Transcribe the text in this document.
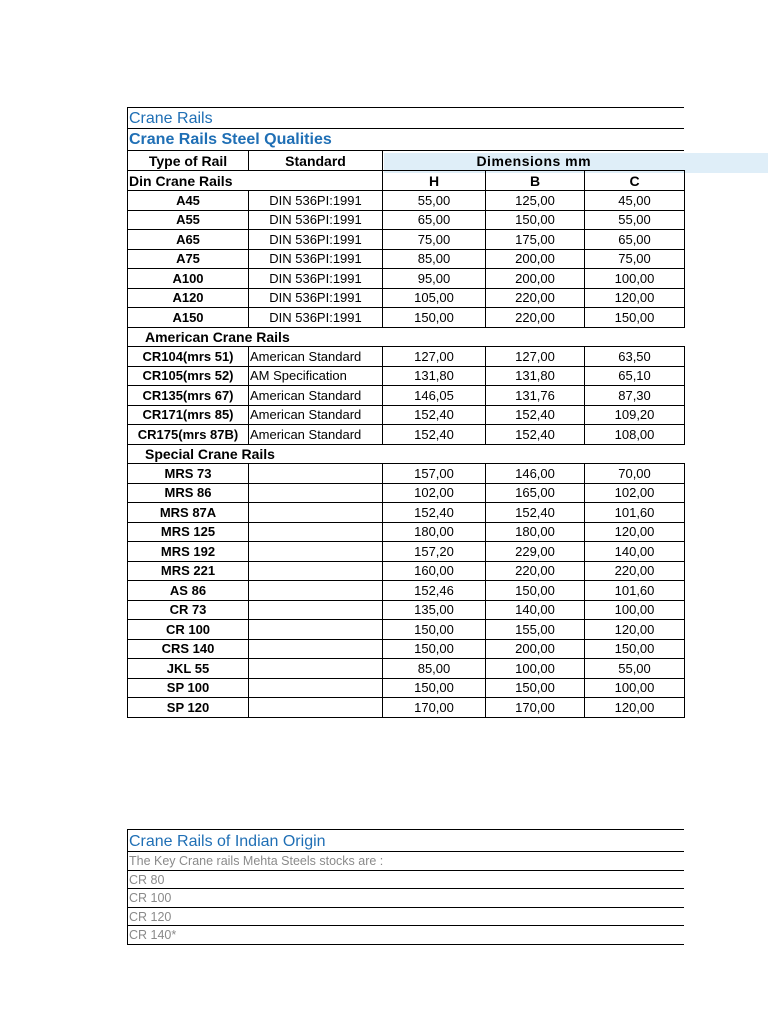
Crane Rails
Crane Rails Steel Qualities
Type of Rail	Standard	Dimensions mm		
Din Crane Rails		H	B	C
A45	DIN 536PI:1991	55,00	125,00	45,00
A55	DIN 536PI:1991	65,00	150,00	55,00
A65	DIN 536PI:1991	75,00	175,00	65,00
A75	DIN 536PI:1991	85,00	200,00	75,00
A100	DIN 536PI:1991	95,00	200,00	100,00
A120	DIN 536PI:1991	105,00	220,00	120,00
A150	DIN 536PI:1991	150,00	220,00	150,00
American Crane Rails				
CR104(mrs 51)	American Standard	127,00	127,00	63,50
CR105(mrs 52)	AM Specification	131,80	131,80	65,10
CR135(mrs 67)	American Standard	146,05	131,76	87,30
CR171(mrs 85)	American Standard	152,40	152,40	109,20
CR175(mrs 87B)	American Standard	152,40	152,40	108,00
Special Crane Rails				
MRS 73		157,00	146,00	70,00
MRS 86		102,00	165,00	102,00
MRS 87A		152,40	152,40	101,60
MRS 125		180,00	180,00	120,00
MRS 192		157,20	229,00	140,00
MRS 221		160,00	220,00	220,00
AS 86		152,46	150,00	101,60
CR 73		135,00	140,00	100,00
CR 100		150,00	155,00	120,00
CRS 140		150,00	200,00	150,00
JKL 55		85,00	100,00	55,00
SP 100		150,00	150,00	100,00
SP 120		170,00	170,00	120,00
Crane Rails of Indian Origin
The Key Crane rails Mehta Steels stocks are :
CR 80
CR 100
CR 120
CR 140*
